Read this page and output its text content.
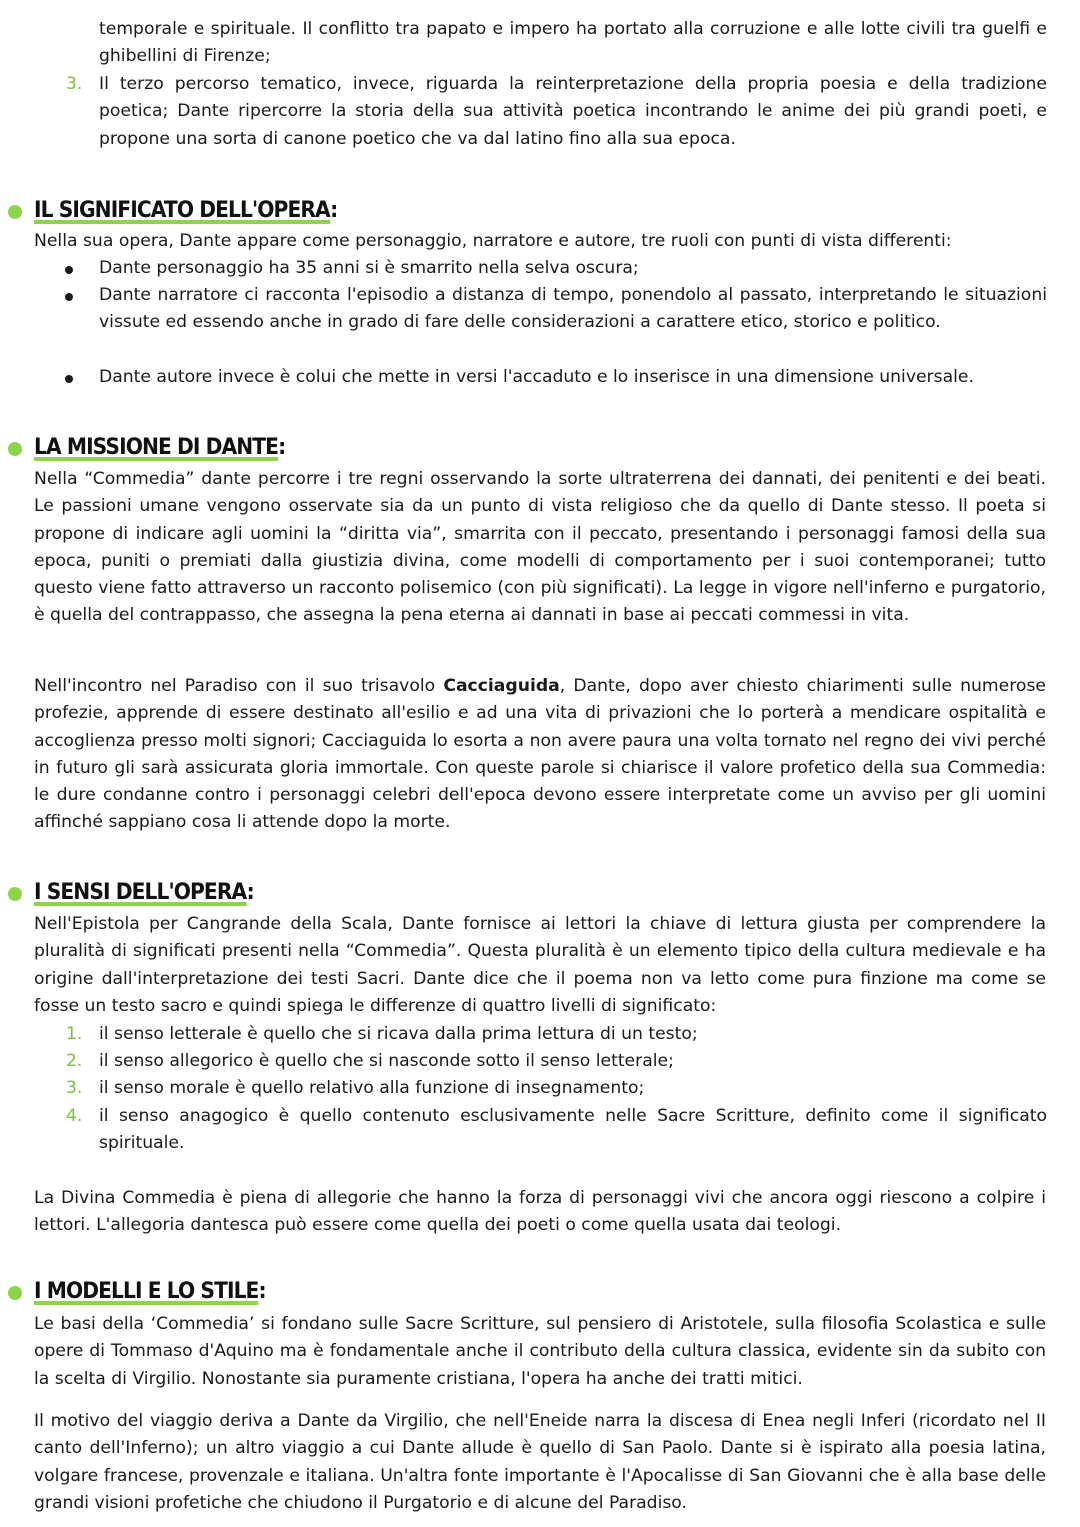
temporale e spirituale. Il conflitto tra papato e impero ha portato alla corruzione e alle lotte civili tra guelfi e ghibellini di Firenze;

3. Il terzo percorso tematico, invece, riguarda la reinterpretazione della propria poesia e della tradizione poetica; Dante ripercorre la storia della sua attività poetica incontrando le anime dei più grandi poeti, e propone una sorta di canone poetico che va dal latino fino alla sua epoca.

IL SIGNIFICATO DELL'OPERA:

Nella sua opera, Dante appare come personaggio, narratore e autore, tre ruoli con punti di vista differenti:

Dante personaggio ha 35 anni si è smarrito nella selva oscura;

Dante narratore ci racconta l'episodio a distanza di tempo, ponendolo al passato, interpretando le situazioni vissute ed essendo anche in grado di fare delle considerazioni a carattere etico, storico e politico.

Dante autore invece è colui che mette in versi l'accaduto e lo inserisce in una dimensione universale.

LA MISSIONE DI DANTE:

Nella “Commedia” dante percorre i tre regni osservando la sorte ultraterrena dei dannati, dei penitenti e dei beati. Le passioni umane vengono osservate sia da un punto di vista religioso che da quello di Dante stesso. Il poeta si propone di indicare agli uomini la “diritta via”, smarrita con il peccato, presentando i personaggi famosi della sua epoca, puniti o premiati dalla giustizia divina, come modelli di comportamento per i suoi contemporanei; tutto questo viene fatto attraverso un racconto polisemico (con più significati). La legge in vigore nell'inferno e purgatorio, è quella del contrappasso, che assegna la pena eterna ai dannati in base ai peccati commessi in vita.

Nell'incontro nel Paradiso con il suo trisavolo Cacciaguida, Dante, dopo aver chiesto chiarimenti sulle numerose profezie, apprende di essere destinato all'esilio e ad una vita di privazioni che lo porterà a mendicare ospitalità e accoglienza presso molti signori; Cacciaguida lo esorta a non avere paura una volta tornato nel regno dei vivi perché in futuro gli sarà assicurata gloria immortale. Con queste parole si chiarisce il valore profetico della sua Commedia: le dure condanne contro i personaggi celebri dell'epoca devono essere interpretate come un avviso per gli uomini affinché sappiano cosa li attende dopo la morte.

I SENSI DELL'OPERA:

Nell'Epistola per Cangrande della Scala, Dante fornisce ai lettori la chiave di lettura giusta per comprendere la pluralità di significati presenti nella “Commedia”. Questa pluralità è un elemento tipico della cultura medievale e ha origine dall'interpretazione dei testi Sacri. Dante dice che il poema non va letto come pura finzione ma come se fosse un testo sacro e quindi spiega le differenze di quattro livelli di significato:

1. il senso letterale è quello che si ricava dalla prima lettura di un testo;

2. il senso allegorico è quello che si nasconde sotto il senso letterale;

3. il senso morale è quello relativo alla funzione di insegnamento;

4. il senso anagogico è quello contenuto esclusivamente nelle Sacre Scritture, definito come il significato spirituale.

La Divina Commedia è piena di allegorie che hanno la forza di personaggi vivi che ancora oggi riescono a colpire i lettori. L'allegoria dantesca può essere come quella dei poeti o come quella usata dai teologi.

I MODELLI E LO STILE:

Le basi della ‘Commedia’ si fondano sulle Sacre Scritture, sul pensiero di Aristotele, sulla filosofia Scolastica e sulle opere di Tommaso d'Aquino ma è fondamentale anche il contributo della cultura classica, evidente sin da subito con la scelta di Virgilio. Nonostante sia puramente cristiana, l'opera ha anche dei tratti mitici.

Il motivo del viaggio deriva a Dante da Virgilio, che nell'Eneide narra la discesa di Enea negli Inferi (ricordato nel II canto dell'Inferno); un altro viaggio a cui Dante allude è quello di San Paolo. Dante si è ispirato alla poesia latina, volgare francese, provenzale e italiana. Un'altra fonte importante è l'Apocalisse di San Giovanni che è alla base delle grandi visioni profetiche che chiudono il Purgatorio e di alcune del Paradiso.
